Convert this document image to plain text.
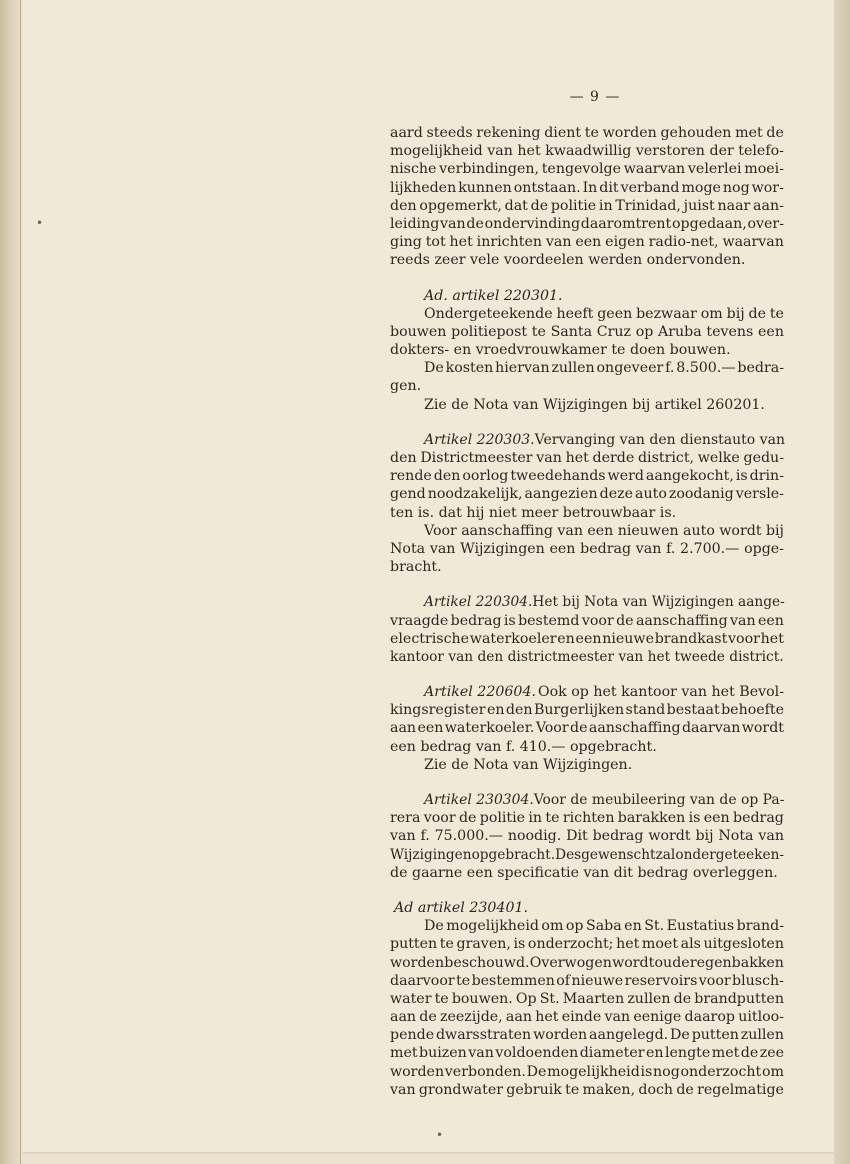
— 9 —
•
•
aard steeds rekening dient te worden gehouden met de
mogelijkheid van het kwaadwillig verstoren der telefo-
nische verbindingen, tengevolge waarvan velerlei moei-
lijkheden kunnen ontstaan. In dit verband moge nog wor-
den opgemerkt, dat de politie in Trinidad, juist naar aan-
leiding van de ondervinding daaromtrent opgedaan, over-
ging tot het inrichten van een eigen radio-net, waarvan
reeds zeer vele voordeelen werden ondervonden.
Ad. artikel 220301.
Ondergeteekende heeft geen bezwaar om bij de te
bouwen politiepost te Santa Cruz op Aruba tevens een
dokters- en vroedvrouwkamer te doen bouwen.
De kosten hiervan zullen ongeveer f. 8.500.— bedra-
gen.
Zie de Nota van Wijzigingen bij artikel 260201.
Artikel 220303. Vervanging van den dienstauto van
den Districtmeester van het derde district, welke gedu-
rende den oorlog tweedehands werd aangekocht, is drin-
gend noodzakelijk, aangezien deze auto zoodanig versle-
ten is. dat hij niet meer betrouwbaar is.
Voor aanschaffing van een nieuwen auto wordt bij
Nota van Wijzigingen een bedrag van f. 2.700.— opge-
bracht.
Artikel 220304. Het bij Nota van Wijzigingen aange-
vraagde bedrag is bestemd voor de aanschaffing van een
electrische waterkoeler en een nieuwe brandkast voor het
kantoor van den districtmeester van het tweede district.
Artikel 220604. Ook op het kantoor van het Bevol-
kingsregister en den Burgerlijken stand bestaat behoefte
aan een waterkoeler. Voor de aanschaffing daarvan wordt
een bedrag van f. 410.— opgebracht.
Zie de Nota van Wijzigingen.
Artikel 230304. Voor de meubileering van de op Pa-
rera voor de politie in te richten barakken is een bedrag
van f. 75.000.— noodig. Dit bedrag wordt bij Nota van
Wijzigingen opgebracht. Desgewenscht zal ondergeteeken-
de gaarne een specificatie van dit bedrag overleggen.
Ad artikel 230401.
De mogelijkheid om op Saba en St. Eustatius brand-
putten te graven, is onderzocht; het moet als uitgesloten
worden beschouwd. Overwogen wordt oude regenbakken
daarvoor te bestemmen of nieuwe reservoirs voor blusch-
water te bouwen. Op St. Maarten zullen de brandputten
aan de zeezijde, aan het einde van eenige daarop uitloo-
pende dwarsstraten worden aangelegd. De putten zullen
met buizen van voldoenden diameter en lengte met de zee
worden verbonden. De mogelijkheid is nog onderzocht om
van grondwater gebruik te maken, doch de regelmatige
